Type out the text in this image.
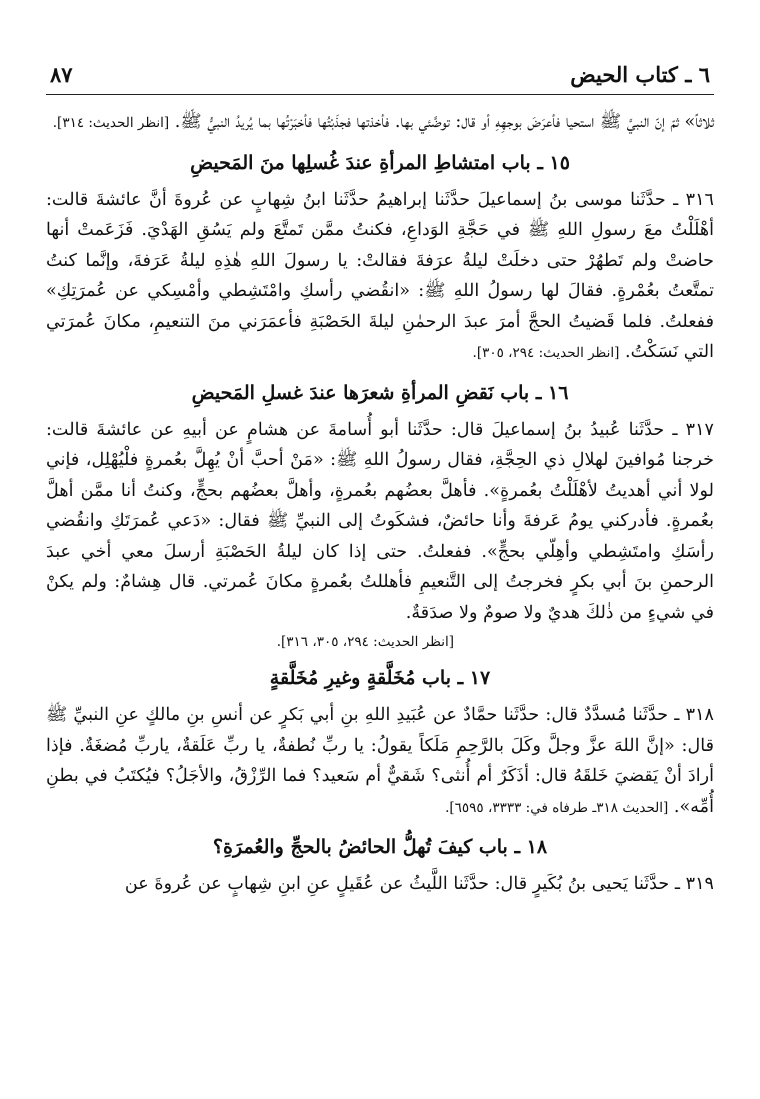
٦ ـ كتاب الحيض
٨٧

ثلاثاً» ثمّ إنّ النبيَّ ﷺ استحيا فأعرَضَ بوجهِهِ أو قال: توضَّئي بها. فأخذتها فجذَبْتُها فأخبَرْتُها بما يُريدُ النبيُّ ﷺ. [انظر الحديث: ٣١٤].

١٥ ـ باب امتشاطِ المرأةِ عندَ غُسلِها منَ المَحيضِ

٣١٦ ـ حدَّثَنا موسى بنُ إسماعيلَ حدَّثَنا إبراهيمُ حدَّثَنا ابنُ شِهابٍ عن عُروةَ أنَّ عائشةَ قالت: أهْلَلْتُ معَ رسولِ اللهِ ﷺ في حَجَّةِ الوَداعِ، فكنتُ ممَّن تَمتَّعَ ولم يَسُقِ الهَدْيَ. فَزَعَمتْ أنها حاضتْ ولم تَطهُرْ حتى دخلَتْ ليلةُ عرَفةَ فقالتْ: يا رسولَ اللهِ هٰذِهِ ليلةُ عَرَفةَ، وإنَّما كنتُ تمتَّعتُ بعُمْرةٍ. فقالَ لها رسولُ اللهِ ﷺ: «انقُضي رأسكِ وامْتَشِطي وأمْسِكي عن عُمرَتِكِ» ففعلتُ. فلما قَضيتُ الحجَّ أمرَ عبدَ الرحمٰنِ ليلةَ الحَصْبَةِ فأعمَرَني منَ التنعيمِ، مكانَ عُمرَتي التي نَسَكْتُ. [انظر الحديث: ٢٩٤، ٣٠٥].

١٦ ـ باب نَقضِ المرأةِ شعرَها عندَ غسلِ المَحيضِ

٣١٧ ـ حدَّثَنا عُبيدُ بنُ إسماعيلَ قال: حدَّثَنا أبو أُسامةَ عن هشامٍ عن أبيهِ عن عائشةَ قالت: خرجنا مُوافينَ لهلالِ ذي الحِجَّةِ، فقال رسولُ اللهِ ﷺ: «مَنْ أحبَّ أنْ يُهِلَّ بعُمرةٍ فلْيُهْلِل، فإني لولا أني أهديتُ لأهْلَلْتُ بعُمرةٍ». فأهلَّ بعضُهم بعُمرةٍ، وأهلَّ بعضُهم بحجٍّ، وكنتُ أنا ممَّن أهلَّ بعُمرةٍ. فأدركني يومُ عَرفةَ وأنا حائضٌ، فشكَوتُ إلى النبيِّ ﷺ فقال: «دَعي عُمرَتَكِ وانقُضي رأسَكِ وامتَشِطي وأهِلّي بحجٍّ». ففعلتُ. حتى إذا كان ليلةُ الحَصْبَةِ أرسلَ معي أخي عبدَ الرحمنِ بنَ أبي بكرٍ فخرجتُ إلى التَّنعيمِ فأهللتُ بعُمرةٍ مكانَ عُمرتي. قال هِشامٌ: ولم يكنْ في شيءٍ من ذٰلكَ هديٌ ولا صومٌ ولا صدَقةٌ.

[انظر الحديث: ٢٩٤، ٣٠٥، ٣١٦].
١٧ ـ باب مُخَلَّقةٍ وغيرِ مُخَلَّقةٍ

٣١٨ ـ حدَّثَنا مُسدَّدٌ قال: حدَّثَنا حمَّادٌ عن عُبَيدِ اللهِ بنِ أبي بَكرٍ عن أنسِ بنِ مالكٍ عنِ النبيِّ ﷺ قال: «إنَّ اللهَ عزَّ وجلَّ وكَلَ بالرَّحِمِ مَلَكاً يقولُ: يا ربِّ نُطفةٌ، يا ربِّ عَلَقةٌ، ياربِّ مُضغَةٌ. فإذا أرادَ أنْ يَقضيَ خَلقَهُ قال: أذَكَرٌ أم أُنثى؟ شَقيٌّ أم سَعيد؟ فما الرِّزْقُ، والأجَلُ؟ فيُكتَبُ في بطنِ أُمِّه». [الحديث ٣١٨ـ طرفاه في: ٣٣٣٣، ٦٥٩٥].

١٨ ـ باب كيفَ تُهلُّ الحائضُ بالحجِّ والعُمرَةِ؟

٣١٩ ـ حدَّثَنا يَحيى بنُ بُكَيرٍ قال: حدَّثَنا اللَّيثُ عن عُقَيلٍ عنِ ابنِ شِهابٍ عن عُروةَ عن
